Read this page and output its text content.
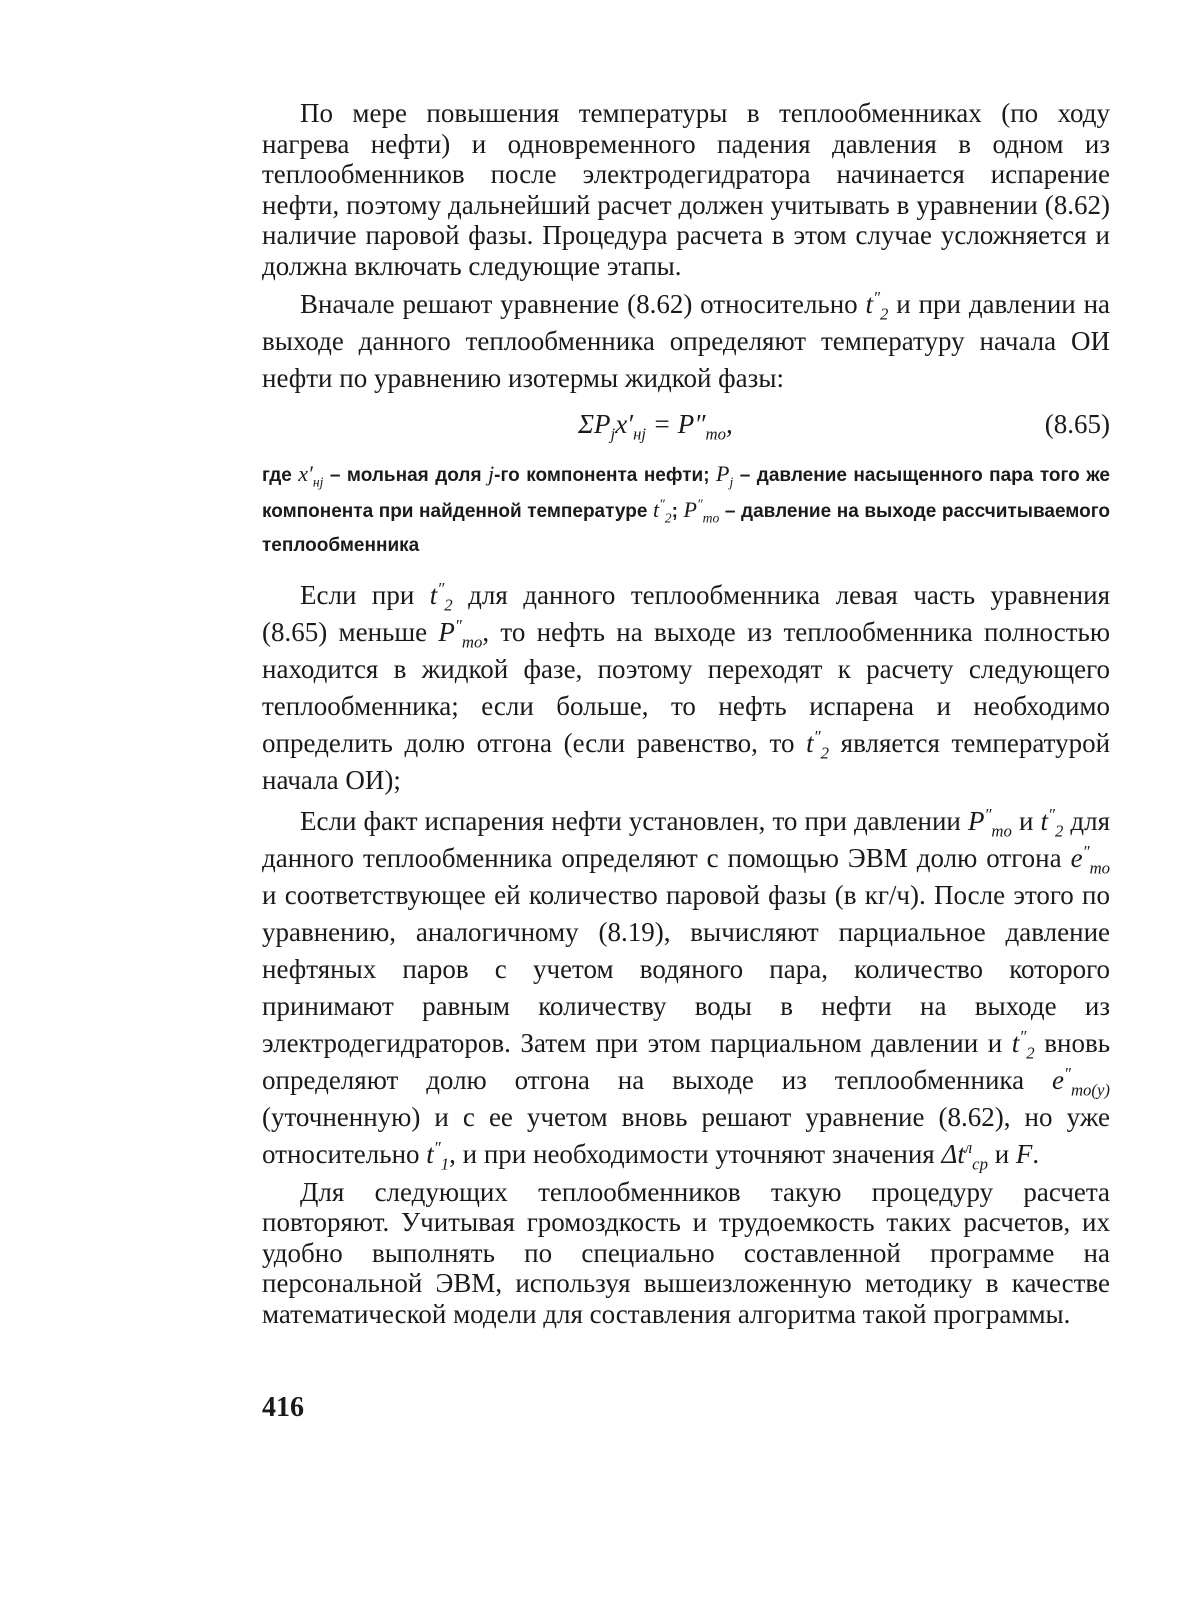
По мере повышения температуры в теплообменниках (по ходу нагрева нефти) и одновременного падения давления в одном из теплообменников после электродегидратора начинается испарение нефти, поэтому дальнейший расчет должен учитывать в уравнении (8.62) наличие паровой фазы. Процедура расчета в этом случае усложняется и должна включать следующие этапы.

Вначале решают уравнение (8.62) относительно $t''_2$ и при давлении на выходе данного теплообменника определяют температуру начала ОИ нефти по уравнению изотермы жидкой фазы:

$\Sigma P_jx'_{нj} = P''_{то}$,	(8.65)

где $x'_{нj}$ – мольная доля j-го компонента нефти; $P_j$ – давление насыщенного пара того же компонента при найденной температуре $t''_2$; $P''_{то}$ – давление на выходе рассчитываемого теплообменника

Если при $t''_2$ для данного теплообменника левая часть уравнения (8.65) меньше $P''_{то}$, то нефть на выходе из теплообменника полностью находится в жидкой фазе, поэтому переходят к расчету следующего теплообменника; если больше, то нефть испарена и необходимо определить долю отгона (если равенство, то $t''_2$ является температурой начала ОИ);

Если факт испарения нефти установлен, то при давлении $P''_{то}$ и $t''_2$ для данного теплообменника определяют с помощью ЭВМ долю отгона $e''_{то}$ и соответствующее ей количество паровой фазы (в кг/ч). После этого по уравнению, аналогичному (8.19), вычисляют парциальное давление нефтяных паров с учетом водяного пара, количество которого принимают равным количеству воды в нефти на выходе из электродегидраторов. Затем при этом парциальном давлении и $t''_2$ вновь определяют долю отгона на выходе из теплообменника $e''_{то(у)}$ (уточненную) и с ее учетом вновь решают уравнение (8.62), но уже относительно $t''_1$, и при необходимости уточняют значения $\Delta t^л_{ср}$ и F.

Для следующих теплообменников такую процедуру расчета повторяют. Учитывая громоздкость и трудоемкость таких расчетов, их удобно выполнять по специально составленной программе на персональной ЭВМ, используя вышеизложенную методику в качестве математической модели для составления алгоритма такой программы.

416
